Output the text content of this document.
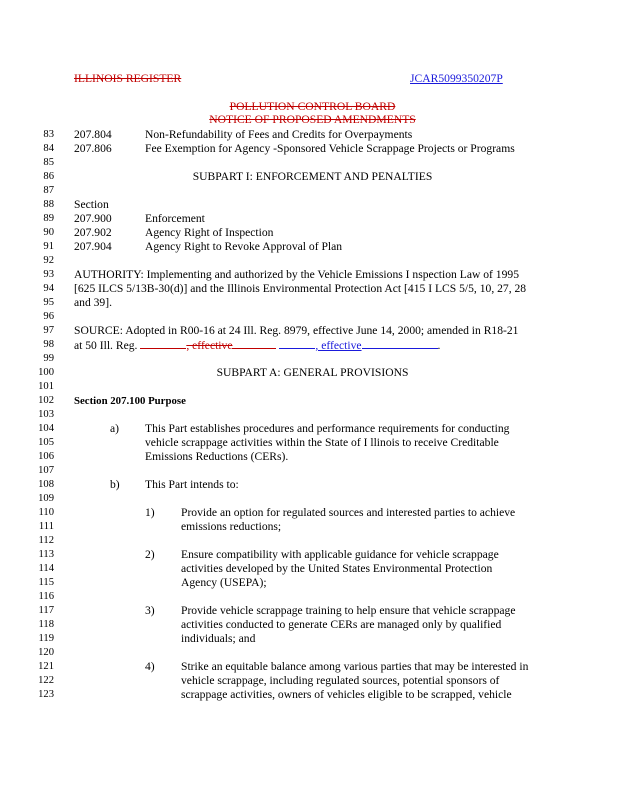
ILLINOIS REGISTER	JCAR5099350207P
POLLUTION CONTROL BOARD
NOTICE OF PROPOSED AMENDMENTS
83
84
85
86
87
88
89
90
91
92
93
94
95
96
97
98
99
100
101
102
103
104
105
106
107
108
109
110
111
112
113
114
115
116
117
118
119
120
121
122
123
207.804	Non-Refundability of Fees and Credits for Overpayments
207.806	Fee Exemption for Agency -Sponsored Vehicle Scrappage Projects or Programs
SUBPART I: ENFORCEMENT AND PENALTIES
Section
207.900	Enforcement
207.902	Agency Right of Inspection
207.904	Agency Right to Revoke Approval of Plan
AUTHORITY: Implementing and authorized by the Vehicle Emissions I nspection Law of 1995
[625 ILCS 5/13B-30(d)] and the Illinois Environmental Protection Act [415 I LCS 5/5, 10, 27, 28
and 39].
SOURCE: Adopted in R00-16 at 24 Ill. Reg. 8979, effective June 14, 2000; amended in R18-21
at 50 Ill. Reg.	, effective	, effective	.
SUBPART A: GENERAL PROVISIONS
Section 207.100 Purpose
a) This Part establishes procedures and performance requirements for conducting
vehicle scrappage activities within the State of I llinois to receive Creditable
Emissions Reductions (CERs).
b) This Part intends to:
1) Provide an option for regulated sources and interested parties to achieve
emissions reductions;
2) Ensure compatibility with applicable guidance for vehicle scrappage
activities developed by the United States Environmental Protection
Agency (USEPA);
3) Provide vehicle scrappage training to help ensure that vehicle scrappage
activities conducted to generate CERs are managed only by qualified
individuals; and
4) Strike an equitable balance among various parties that may be interested in
vehicle scrappage, including regulated sources, potential sponsors of
scrappage activities, owners of vehicles eligible to be scrapped, vehicle
